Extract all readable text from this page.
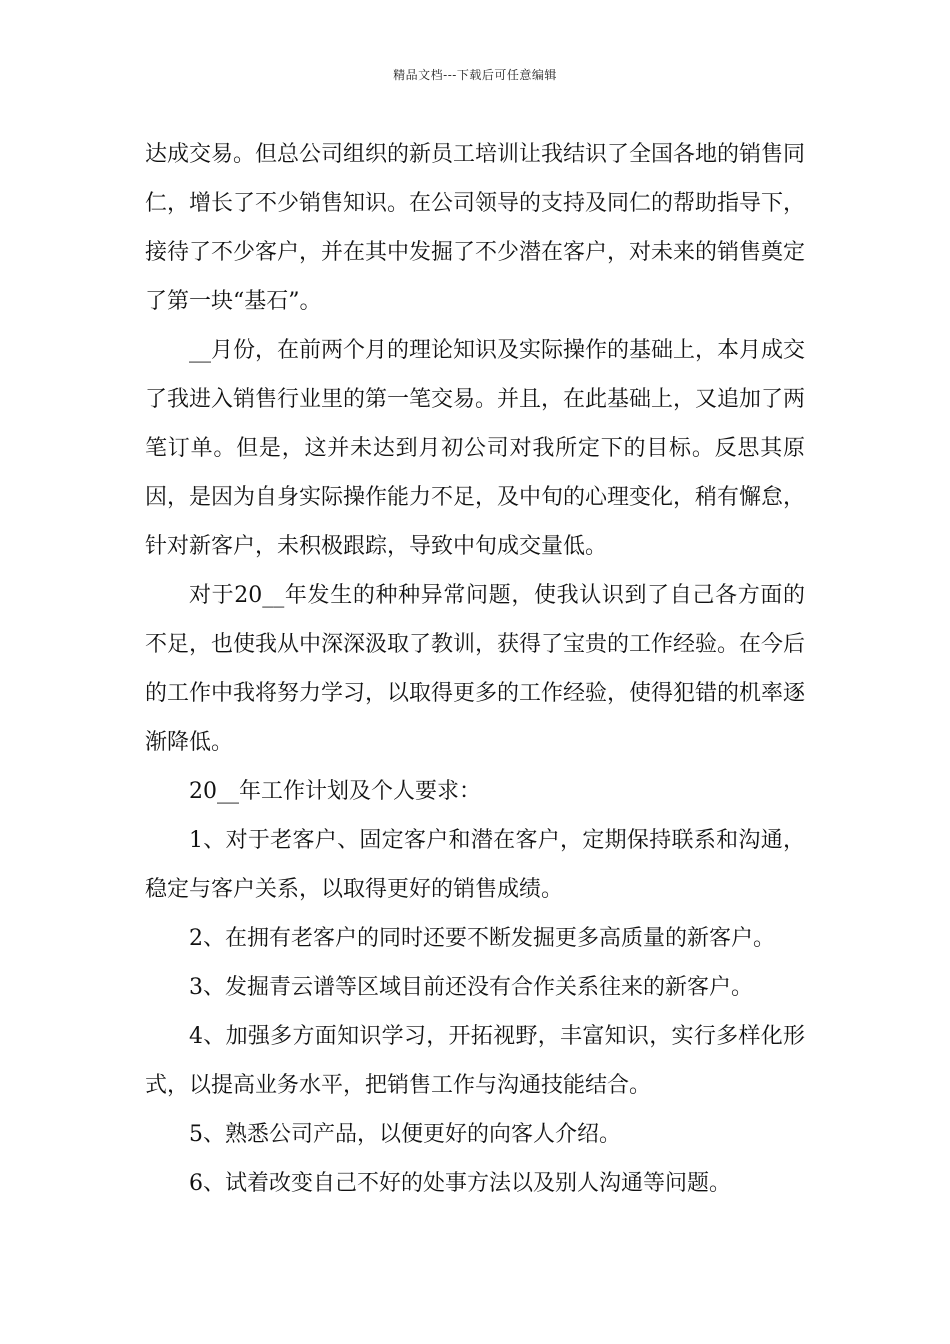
精品文档---下载后可任意编辑

达成交易。但总公司组织的新员工培训让我结识了全国各地的销售同仁，增长了不少销售知识。在公司领导的支持及同仁的帮助指导下，接待了不少客户，并在其中发掘了不少潜在客户，对未来的销售奠定了第一块“基石”。

__月份，在前两个月的理论知识及实际操作的基础上，本月成交了我进入销售行业里的第一笔交易。并且，在此基础上，又追加了两笔订单。但是，这并未达到月初公司对我所定下的目标。反思其原因，是因为自身实际操作能力不足，及中旬的心理变化，稍有懈怠，针对新客户，未积极跟踪，导致中旬成交量低。

对于20__年发生的种种异常问题，使我认识到了自己各方面的不足，也使我从中深深汲取了教训，获得了宝贵的工作经验。在今后的工作中我将努力学习，以取得更多的工作经验，使得犯错的机率逐渐降低。

20__年工作计划及个人要求：

1、对于老客户、固定客户和潜在客户，定期保持联系和沟通，稳定与客户关系，以取得更好的销售成绩。

2、在拥有老客户的同时还要不断发掘更多高质量的新客户。

3、发掘青云谱等区域目前还没有合作关系往来的新客户。

4、加强多方面知识学习，开拓视野，丰富知识，实行多样化形式，以提高业务水平，把销售工作与沟通技能结合。

5、熟悉公司产品，以便更好的向客人介绍。

6、试着改变自己不好的处事方法以及别人沟通等问题。
